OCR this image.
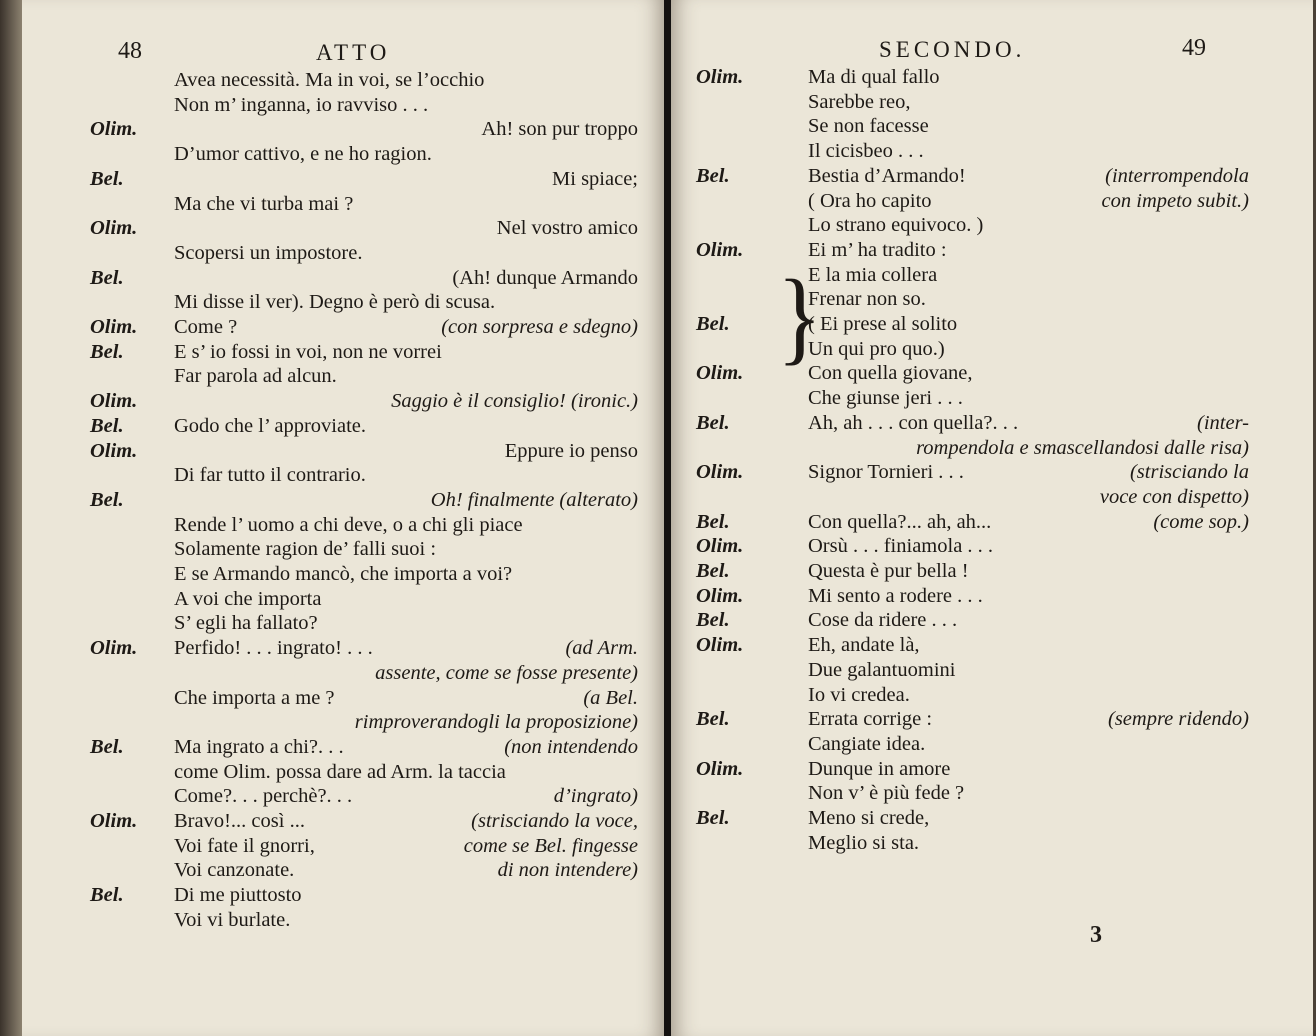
48	ATTO
Avea necessità. Ma in voi, se l’occhio
Non m’ inganna, io ravviso . . .
Olim.	Ah! son pur troppo
D’umor cattivo, e ne ho ragion.
Bel.	Mi spiace;
Ma che vi turba mai ?
Olim.	Nel vostro amico
Scopersi un impostore.
Bel.	(Ah! dunque Armando
Mi disse il ver). Degno è però di scusa.
Olim. Come ?	(con sorpresa e sdegno)
Bel. E s’ io fossi in voi, non ne vorrei
Far parola ad alcun.
Olim.	Saggio è il consiglio! (ironic.)
Bel. Godo che l’ approviate.
Olim.	Eppure io penso
Di far tutto il contrario.
Bel.	Oh! finalmente (alterato)
Rende l’ uomo a chi deve, o a chi gli piace
Solamente ragion de’ falli suoi :
E se Armando mancò, che importa a voi?
A voi che importa
S’ egli ha fallato?
Olim. Perfido! . . . ingrato! . . .	(ad Arm.
assente, come se fosse presente)
Che importa a me ?	(a Bel.
rimproverandogli la proposizione)
Bel. Ma ingrato a chi?. . .	(non intendendo
come Olim. possa dare ad Arm. la taccia
Come?. . . perchè?. . .	d’ingrato)
Olim. Bravo!... così ...	(strisciando la voce,
Voi fate il gnorri,	come se Bel. fingesse
Voi canzonate.	di non intendere)
Bel. Di me piuttosto
Voi vi burlate.
SECONDO.	49
}
3
Olim.	Ma di qual fallo
Sarebbe reo,
Se non facesse
Il cicisbeo . . .
Bel.	Bestia d’Armando!	(interrompendola
( Ora ho capito	con impeto subit.)
Lo strano equivoco. )
Olim.	Ei m’ ha tradito :
E la mia collera
Frenar non so.
Bel.	( Ei prese al solito
Un qui pro quo.)
Olim.	Con quella giovane,
Che giunse jeri . . .
Bel.	Ah, ah . . . con quella?. . .	(inter-
rompendola e smascellandosi dalle risa)
Olim.	Signor Tornieri . . .	(strisciando la
voce con dispetto)
Bel.	Con quella?... ah, ah...	(come sop.)
Olim.	Orsù . . . finiamola . . .
Bel.	Questa è pur bella !
Olim.	Mi sento a rodere . . .
Bel.	Cose da ridere . . .
Olim.	Eh, andate là,
Due galantuomini
Io vi credea.
Bel.	Errata corrige :	(sempre ridendo)
Cangiate idea.
Olim.	Dunque in amore
Non v’ è più fede ?
Bel.	Meno si crede,
Meglio si sta.
